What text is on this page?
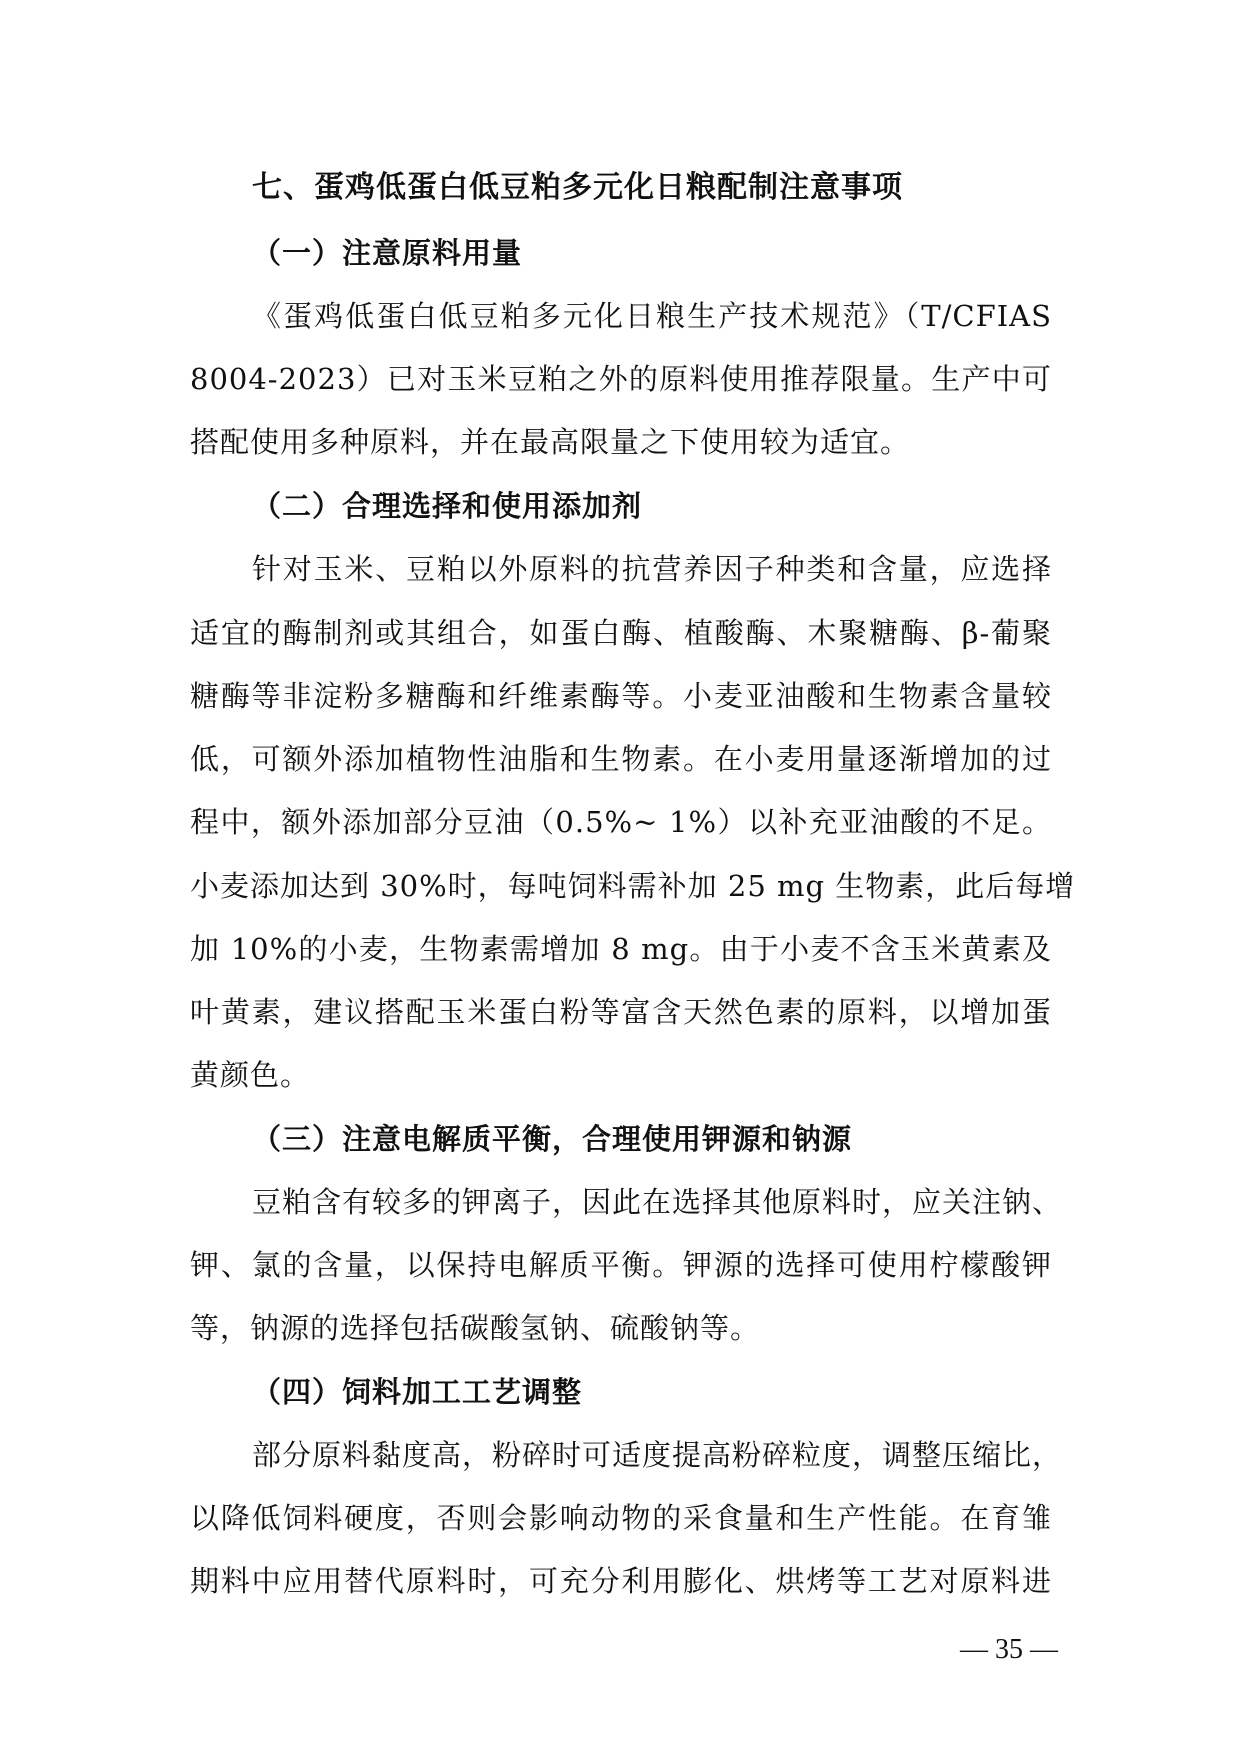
七、蛋鸡低蛋白低豆粕多元化日粮配制注意事项
（一）注意原料用量
《蛋鸡低蛋白低豆粕多元化日粮生产技术规范》（T/CFIAS
8004-2023）已对玉米豆粕之外的原料使用推荐限量。生产中可
搭配使用多种原料，并在最高限量之下使用较为适宜。
（二）合理选择和使用添加剂
针对玉米、豆粕以外原料的抗营养因子种类和含量，应选择
适宜的酶制剂或其组合，如蛋白酶、植酸酶、木聚糖酶、β-葡聚
糖酶等非淀粉多糖酶和纤维素酶等。小麦亚油酸和生物素含量较
低，可额外添加植物性油脂和生物素。在小麦用量逐渐增加的过
程中，额外添加部分豆油（0.5%~ 1%）以补充亚油酸的不足。
小麦添加达到 30%时，每吨饲料需补加 25 mg 生物素，此后每增
加 10%的小麦，生物素需增加 8 mg。由于小麦不含玉米黄素及
叶黄素，建议搭配玉米蛋白粉等富含天然色素的原料，以增加蛋
黄颜色。
（三）注意电解质平衡，合理使用钾源和钠源
豆粕含有较多的钾离子，因此在选择其他原料时，应关注钠、
钾、氯的含量，以保持电解质平衡。钾源的选择可使用柠檬酸钾
等，钠源的选择包括碳酸氢钠、硫酸钠等。
（四）饲料加工工艺调整
部分原料黏度高，粉碎时可适度提高粉碎粒度，调整压缩比，
以降低饲料硬度，否则会影响动物的采食量和生产性能。在育雏
期料中应用替代原料时，可充分利用膨化、烘烤等工艺对原料进
— 35 —
